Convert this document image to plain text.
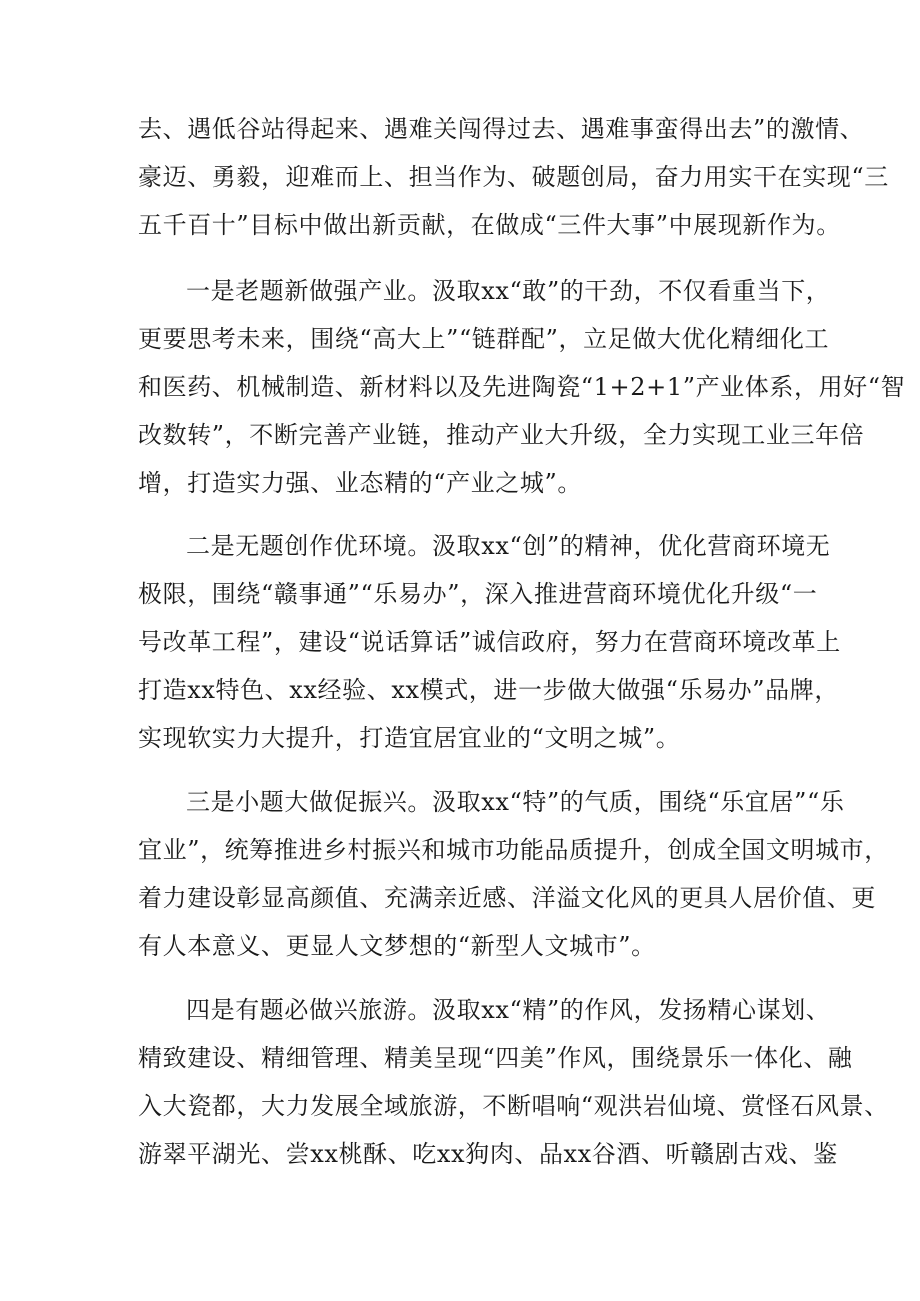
去、遇低谷站得起来、遇难关闯得过去、遇难事蛮得出去”的激情、
豪迈、勇毅，迎难而上、担当作为、破题创局，奋力用实干在实现“三
五千百十”目标中做出新贡献，在做成“三件大事”中展现新作为。
一是老题新做强产业。汲取xx“敢”的干劲，不仅看重当下，
更要思考未来，围绕“高大上”“链群配”，立足做大优化精细化工
和医药、机械制造、新材料以及先进陶瓷“1+2+1”产业体系，用好“智
改数转”，不断完善产业链，推动产业大升级，全力实现工业三年倍
增，打造实力强、业态精的“产业之城”。
二是无题创作优环境。汲取xx“创”的精神，优化营商环境无
极限，围绕“赣事通”“乐易办”，深入推进营商环境优化升级“一
号改革工程”，建设“说话算话”诚信政府，努力在营商环境改革上
打造xx特色、xx经验、xx模式，进一步做大做强“乐易办”品牌，
实现软实力大提升，打造宜居宜业的“文明之城”。
三是小题大做促振兴。汲取xx“特”的气质，围绕“乐宜居”“乐
宜业”，统筹推进乡村振兴和城市功能品质提升，创成全国文明城市，
着力建设彰显高颜值、充满亲近感、洋溢文化风的更具人居价值、更
有人本意义、更显人文梦想的“新型人文城市”。
四是有题必做兴旅游。汲取xx“精”的作风，发扬精心谋划、
精致建设、精细管理、精美呈现“四美”作风，围绕景乐一体化、融
入大瓷都，大力发展全域旅游，不断唱响“观洪岩仙境、赏怪石风景、
游翠平湖光、尝xx桃酥、吃xx狗肉、品xx谷酒、听赣剧古戏、鉴
